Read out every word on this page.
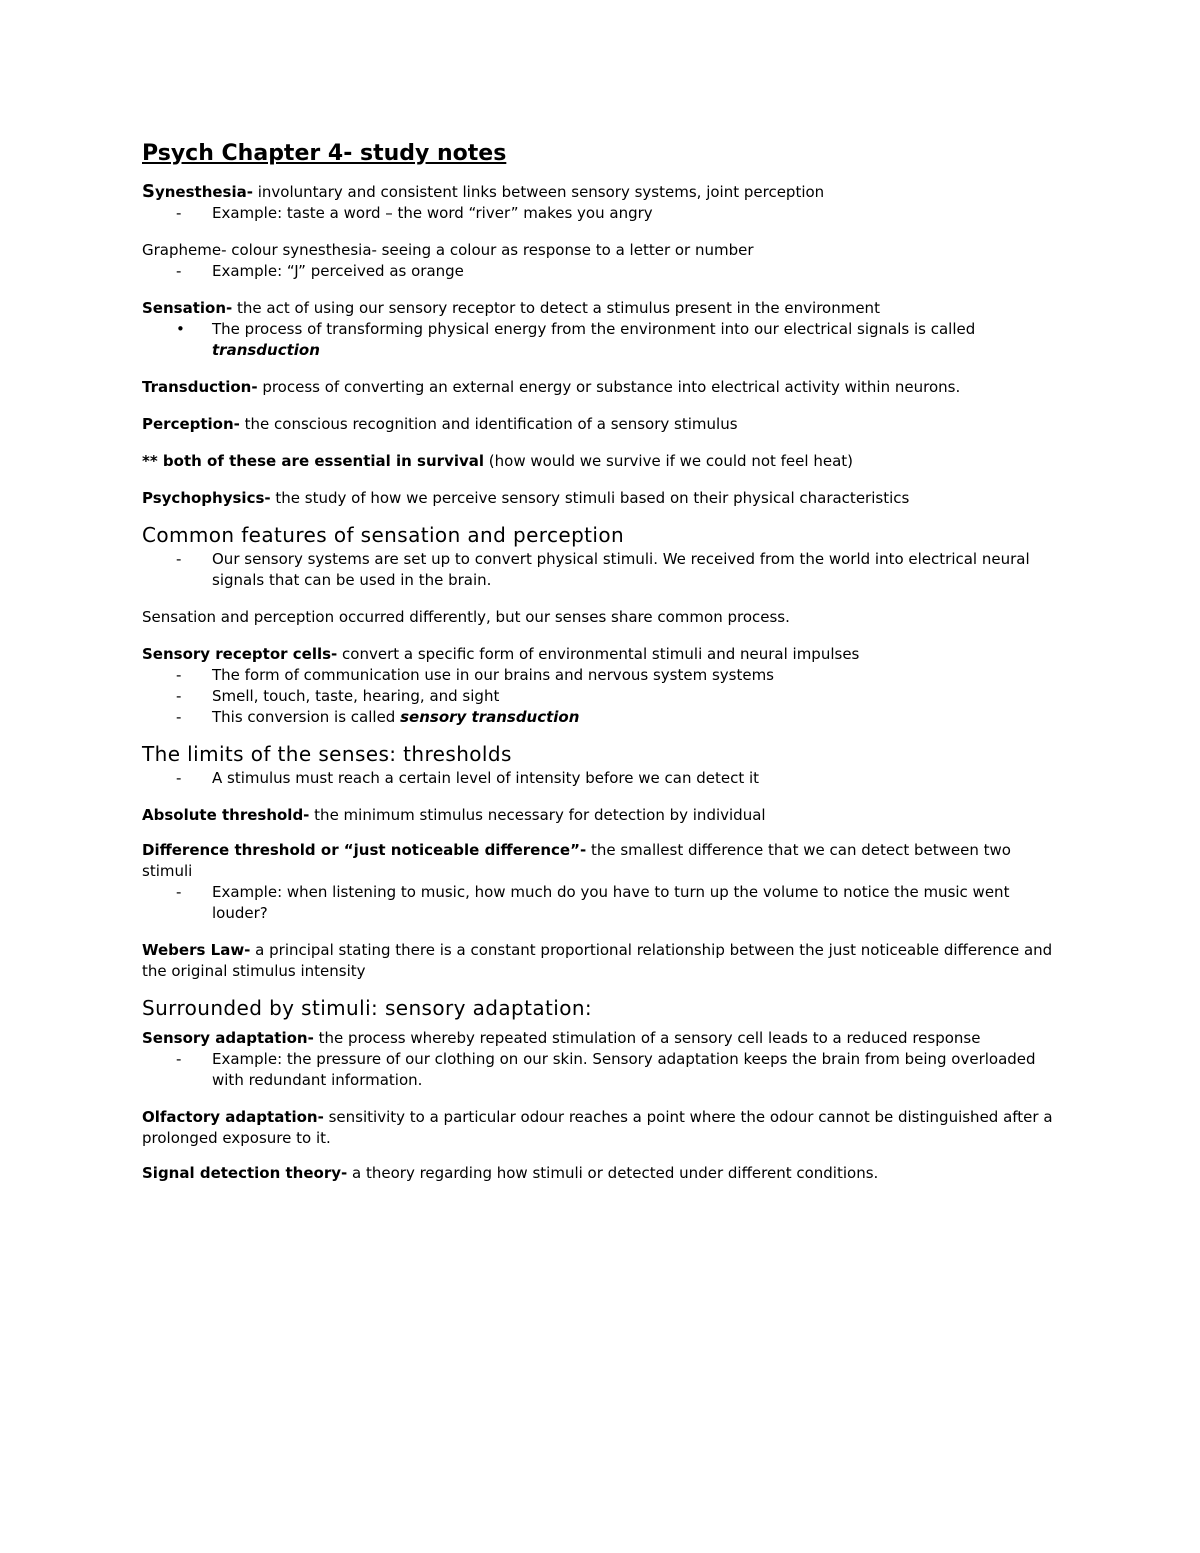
Psych Chapter 4- study notes

Synesthesia- involuntary and consistent links between sensory systems, joint perception

- Example: taste a word – the word “river” makes you angry

Grapheme- colour synesthesia- seeing a colour as response to a letter or number

- Example: “J” perceived as orange

Sensation- the act of using our sensory receptor to detect a stimulus present in the environment

• The process of transforming physical energy from the environment into our electrical signals is called transduction

Transduction- process of converting an external energy or substance into electrical activity within neurons.

Perception- the conscious recognition and identification of a sensory stimulus

** both of these are essential in survival (how would we survive if we could not feel heat)

Psychophysics- the study of how we perceive sensory stimuli based on their physical characteristics

Common features of sensation and perception

- Our sensory systems are set up to convert physical stimuli. We received from the world into electrical neural signals that can be used in the brain.

Sensation and perception occurred differently, but our senses share common process.

Sensory receptor cells- convert a specific form of environmental stimuli and neural impulses

- The form of communication use in our brains and nervous system systems
- Smell, touch, taste, hearing, and sight
- This conversion is called sensory transduction

The limits of the senses: thresholds

- A stimulus must reach a certain level of intensity before we can detect it

Absolute threshold- the minimum stimulus necessary for detection by individual

Difference threshold or “just noticeable difference”- the smallest difference that we can detect between two stimuli

- Example: when listening to music, how much do you have to turn up the volume to notice the music went louder?

Webers Law- a principal stating there is a constant proportional relationship between the just noticeable difference and the original stimulus intensity

Surrounded by stimuli: sensory adaptation:

Sensory adaptation- the process whereby repeated stimulation of a sensory cell leads to a reduced response

- Example: the pressure of our clothing on our skin. Sensory adaptation keeps the brain from being overloaded with redundant information.

Olfactory adaptation- sensitivity to a particular odour reaches a point where the odour cannot be distinguished after a prolonged exposure to it.

Signal detection theory- a theory regarding how stimuli or detected under different conditions.
